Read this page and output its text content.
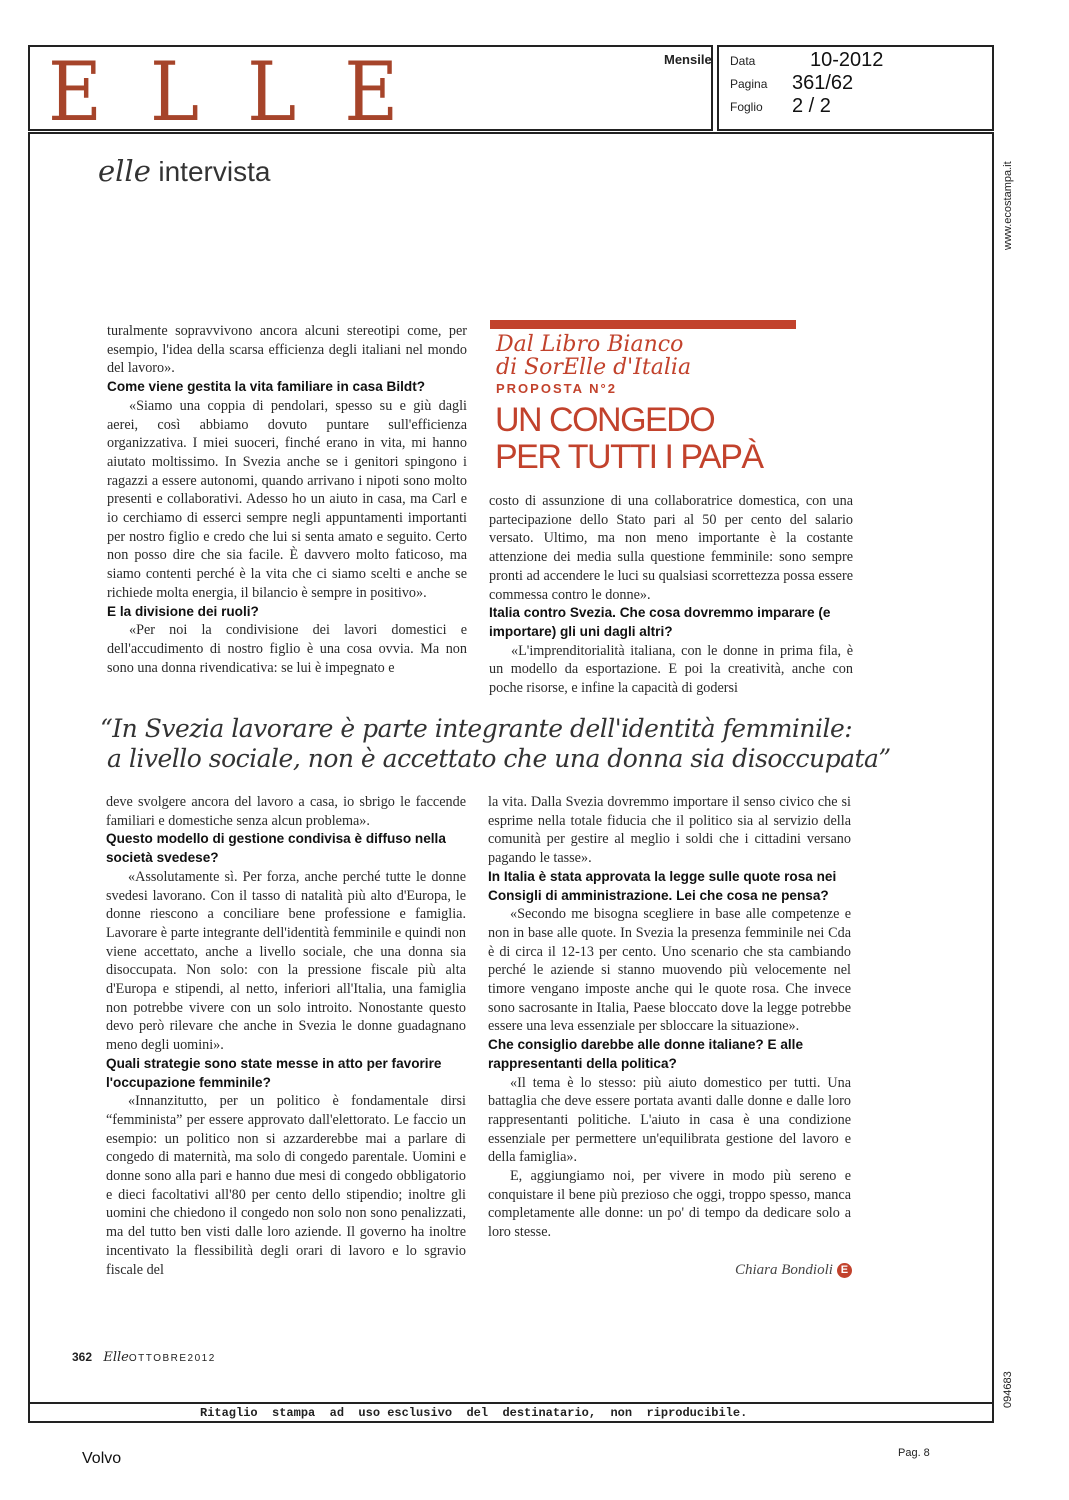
ELLE	Mensile Data	10-2012
Pagina 361/62
Foglio 2 / 2
www.ecostampa.it
094683
elle intervista

turalmente sopravvivono ancora alcuni stereotipi come, per esempio, l'idea della scarsa efficienza degli italiani nel mondo del lavoro».

Come viene gestita la vita familiare in casa Bildt?

«Siamo una coppia di pendolari, spesso su e giù dagli aerei, così abbiamo dovuto puntare sull'efficienza organizzativa. I miei suoceri, finché erano in vita, mi hanno aiutato moltissimo. In Svezia anche se i genitori spingono i ragazzi a essere autonomi, quando arrivano i nipoti sono molto presenti e collaborativi. Adesso ho un aiuto in casa, ma Carl e io cerchiamo di esserci sempre negli appuntamenti importanti per nostro figlio e credo che lui si senta amato e seguito. Certo non posso dire che sia facile. È davvero molto faticoso, ma siamo contenti perché è la vita che ci siamo scelti e anche se richiede molta energia, il bilancio è sempre in positivo».

E la divisione dei ruoli?

«Per noi la condivisione dei lavori domestici e dell'accudimento di nostro figlio è una cosa ovvia. Ma non sono una donna rivendicativa: se lui è impegnato e

costo di assunzione di una collaboratrice domestica, con una partecipazione dello Stato pari al 50 per cento del salario versato. Ultimo, ma non meno importante è la costante attenzione dei media sulla questione femminile: sono sempre pronti ad accendere le luci su qualsiasi scorrettezza possa essere commessa contro le donne».

Italia contro Svezia. Che cosa dovremmo imparare (e importare) gli uni dagli altri?

«L'imprenditorialità italiana, con le donne in prima fila, è un modello da esportazione. E poi la creatività, anche con poche risorse, e infine la capacità di godersi

Dal Libro Bianco
di SorElle d'Italia
PROPOSTA N°2
UN CONGEDO
PER TUTTI I PAPÀ
“In Svezia lavorare è parte integrante dell'identità femminile:
a livello sociale, non è accettato che una donna sia disoccupata”

deve svolgere ancora del lavoro a casa, io sbrigo le faccende familiari e domestiche senza alcun problema».

Questo modello di gestione condivisa è diffuso nella società svedese?

«Assolutamente sì. Per forza, anche perché tutte le donne svedesi lavorano. Con il tasso di natalità più alto d'Europa, le donne riescono a conciliare bene professione e famiglia. Lavorare è parte integrante dell'identità femminile e quindi non viene accettato, anche a livello sociale, che una donna sia disoccupata. Non solo: con la pressione fiscale più alta d'Europa e stipendi, al netto, inferiori all'Italia, una famiglia non potrebbe vivere con un solo introito. Nonostante questo devo però rilevare che anche in Svezia le donne guadagnano meno degli uomini».

Quali strategie sono state messe in atto per favorire l'occupazione femminile?

«Innanzitutto, per un politico è fondamentale dirsi “femminista” per essere approvato dall'elettorato. Le faccio un esempio: un politico non si azzarderebbe mai a parlare di congedo di maternità, ma solo di congedo parentale. Uomini e donne sono alla pari e hanno due mesi di congedo obbligatorio e dieci facoltativi all'80 per cento dello stipendio; inoltre gli uomini che chiedono il congedo non solo non sono penalizzati, ma del tutto ben visti dalle loro aziende. Il governo ha inoltre incentivato la flessibilità degli orari di lavoro e lo sgravio fiscale del

la vita. Dalla Svezia dovremmo importare il senso civico che si esprime nella totale fiducia che il politico sia al servizio della comunità per gestire al meglio i soldi che i cittadini versano pagando le tasse».

In Italia è stata approvata la legge sulle quote rosa nei Consigli di amministrazione. Lei che cosa ne pensa?

«Secondo me bisogna scegliere in base alle competenze e non in base alle quote. In Svezia la presenza femminile nei Cda è di circa il 12-13 per cento. Uno scenario che sta cambiando perché le aziende si stanno muovendo più velocemente nel timore vengano imposte anche qui le quote rosa. Che invece sono sacrosante in Italia, Paese bloccato dove la legge potrebbe essere una leva essenziale per sbloccare la situazione».

Che consiglio darebbe alle donne italiane? E alle rappresentanti della politica?

«Il tema è lo stesso: più aiuto domestico per tutti. Una battaglia che deve essere portata avanti dalle donne e dalle loro rappresentanti politiche. L'aiuto in casa è una condizione essenziale per permettere un'equilibrata gestione del lavoro e della famiglia».

E, aggiungiamo noi, per vivere in modo più sereno e conquistare il bene più prezioso che oggi, troppo spesso, manca completamente alle donne: un po' di tempo da dedicare solo a loro stesse.

Chiara Bondioli E
362 ElleOTTOBRE2012
Ritaglio  stampa  ad  uso esclusivo  del  destinatario,  non  riproducibile.
Volvo	Pag. 8
